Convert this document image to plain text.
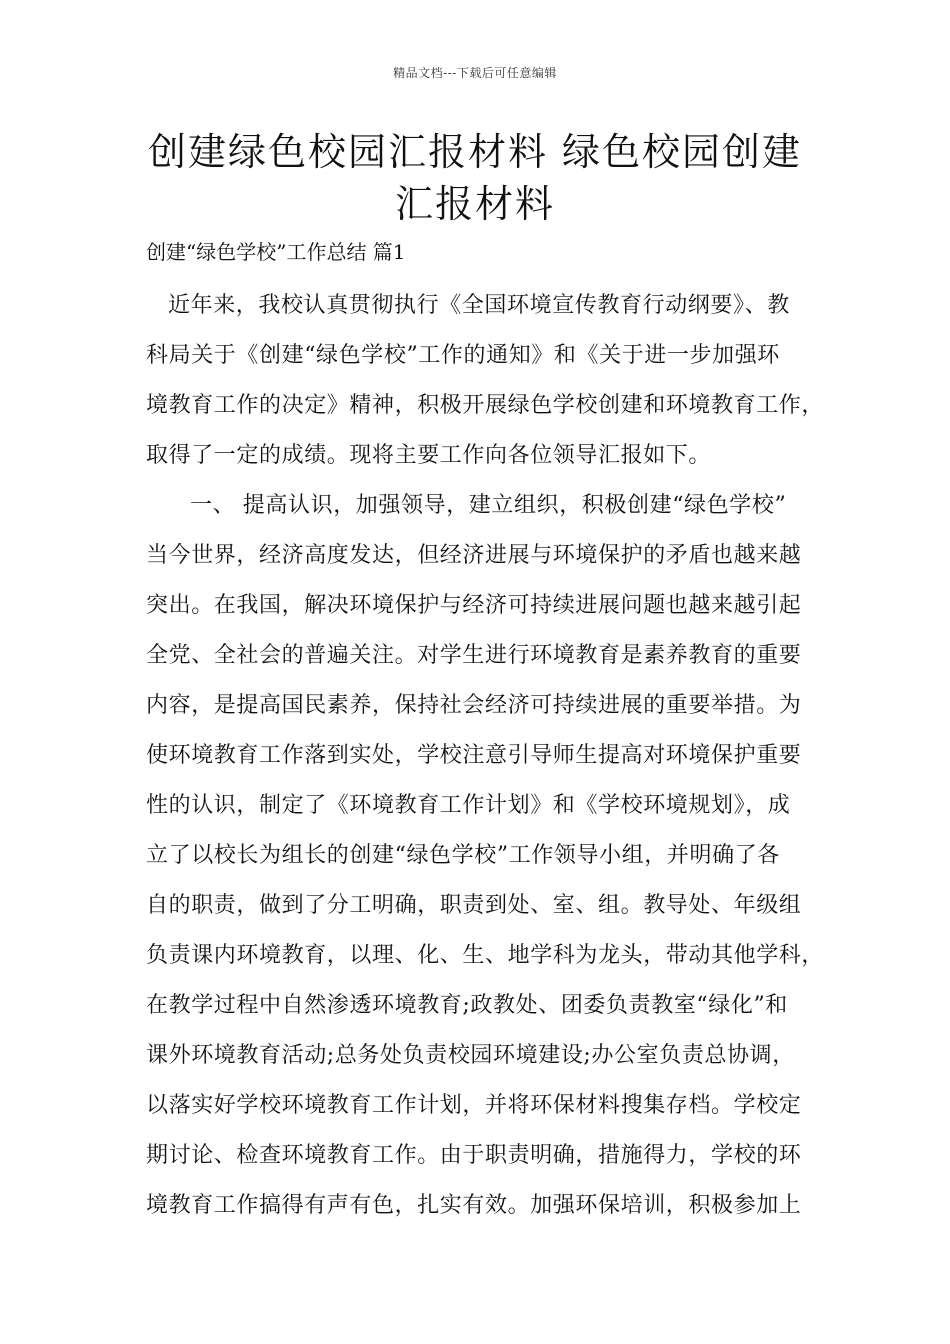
精品文档---下载后可任意编辑
创建绿色校园汇报材料 绿色校园创建
汇报材料
创建“绿色学校”工作总结 篇1
近年来，我校认真贯彻执行《全国环境宣传教育行动纲要》、教
科局关于《创建“绿色学校”工作的通知》和《关于进一步加强环
境教育工作的决定》精神，积极开展绿色学校创建和环境教育工作，
取得了一定的成绩。现将主要工作向各位领导汇报如下。
一、 提高认识，加强领导，建立组织，积极创建“绿色学校”
当今世界，经济高度发达，但经济进展与环境保护的矛盾也越来越
突出。在我国，解决环境保护与经济可持续进展问题也越来越引起
全党、全社会的普遍关注。对学生进行环境教育是素养教育的重要
内容，是提高国民素养，保持社会经济可持续进展的重要举措。为
使环境教育工作落到实处，学校注意引导师生提高对环境保护重要
性的认识，制定了《环境教育工作计划》和《学校环境规划》，成
立了以校长为组长的创建“绿色学校”工作领导小组，并明确了各
自的职责，做到了分工明确，职责到处、室、组。教导处、年级组
负责课内环境教育，以理、化、生、地学科为龙头，带动其他学科，
在教学过程中自然渗透环境教育;政教处、团委负责教室“绿化”和
课外环境教育活动;总务处负责校园环境建设;办公室负责总协调，
以落实好学校环境教育工作计划，并将环保材料搜集存档。学校定
期讨论、检查环境教育工作。由于职责明确，措施得力，学校的环
境教育工作搞得有声有色，扎实有效。加强环保培训，积极参加上
